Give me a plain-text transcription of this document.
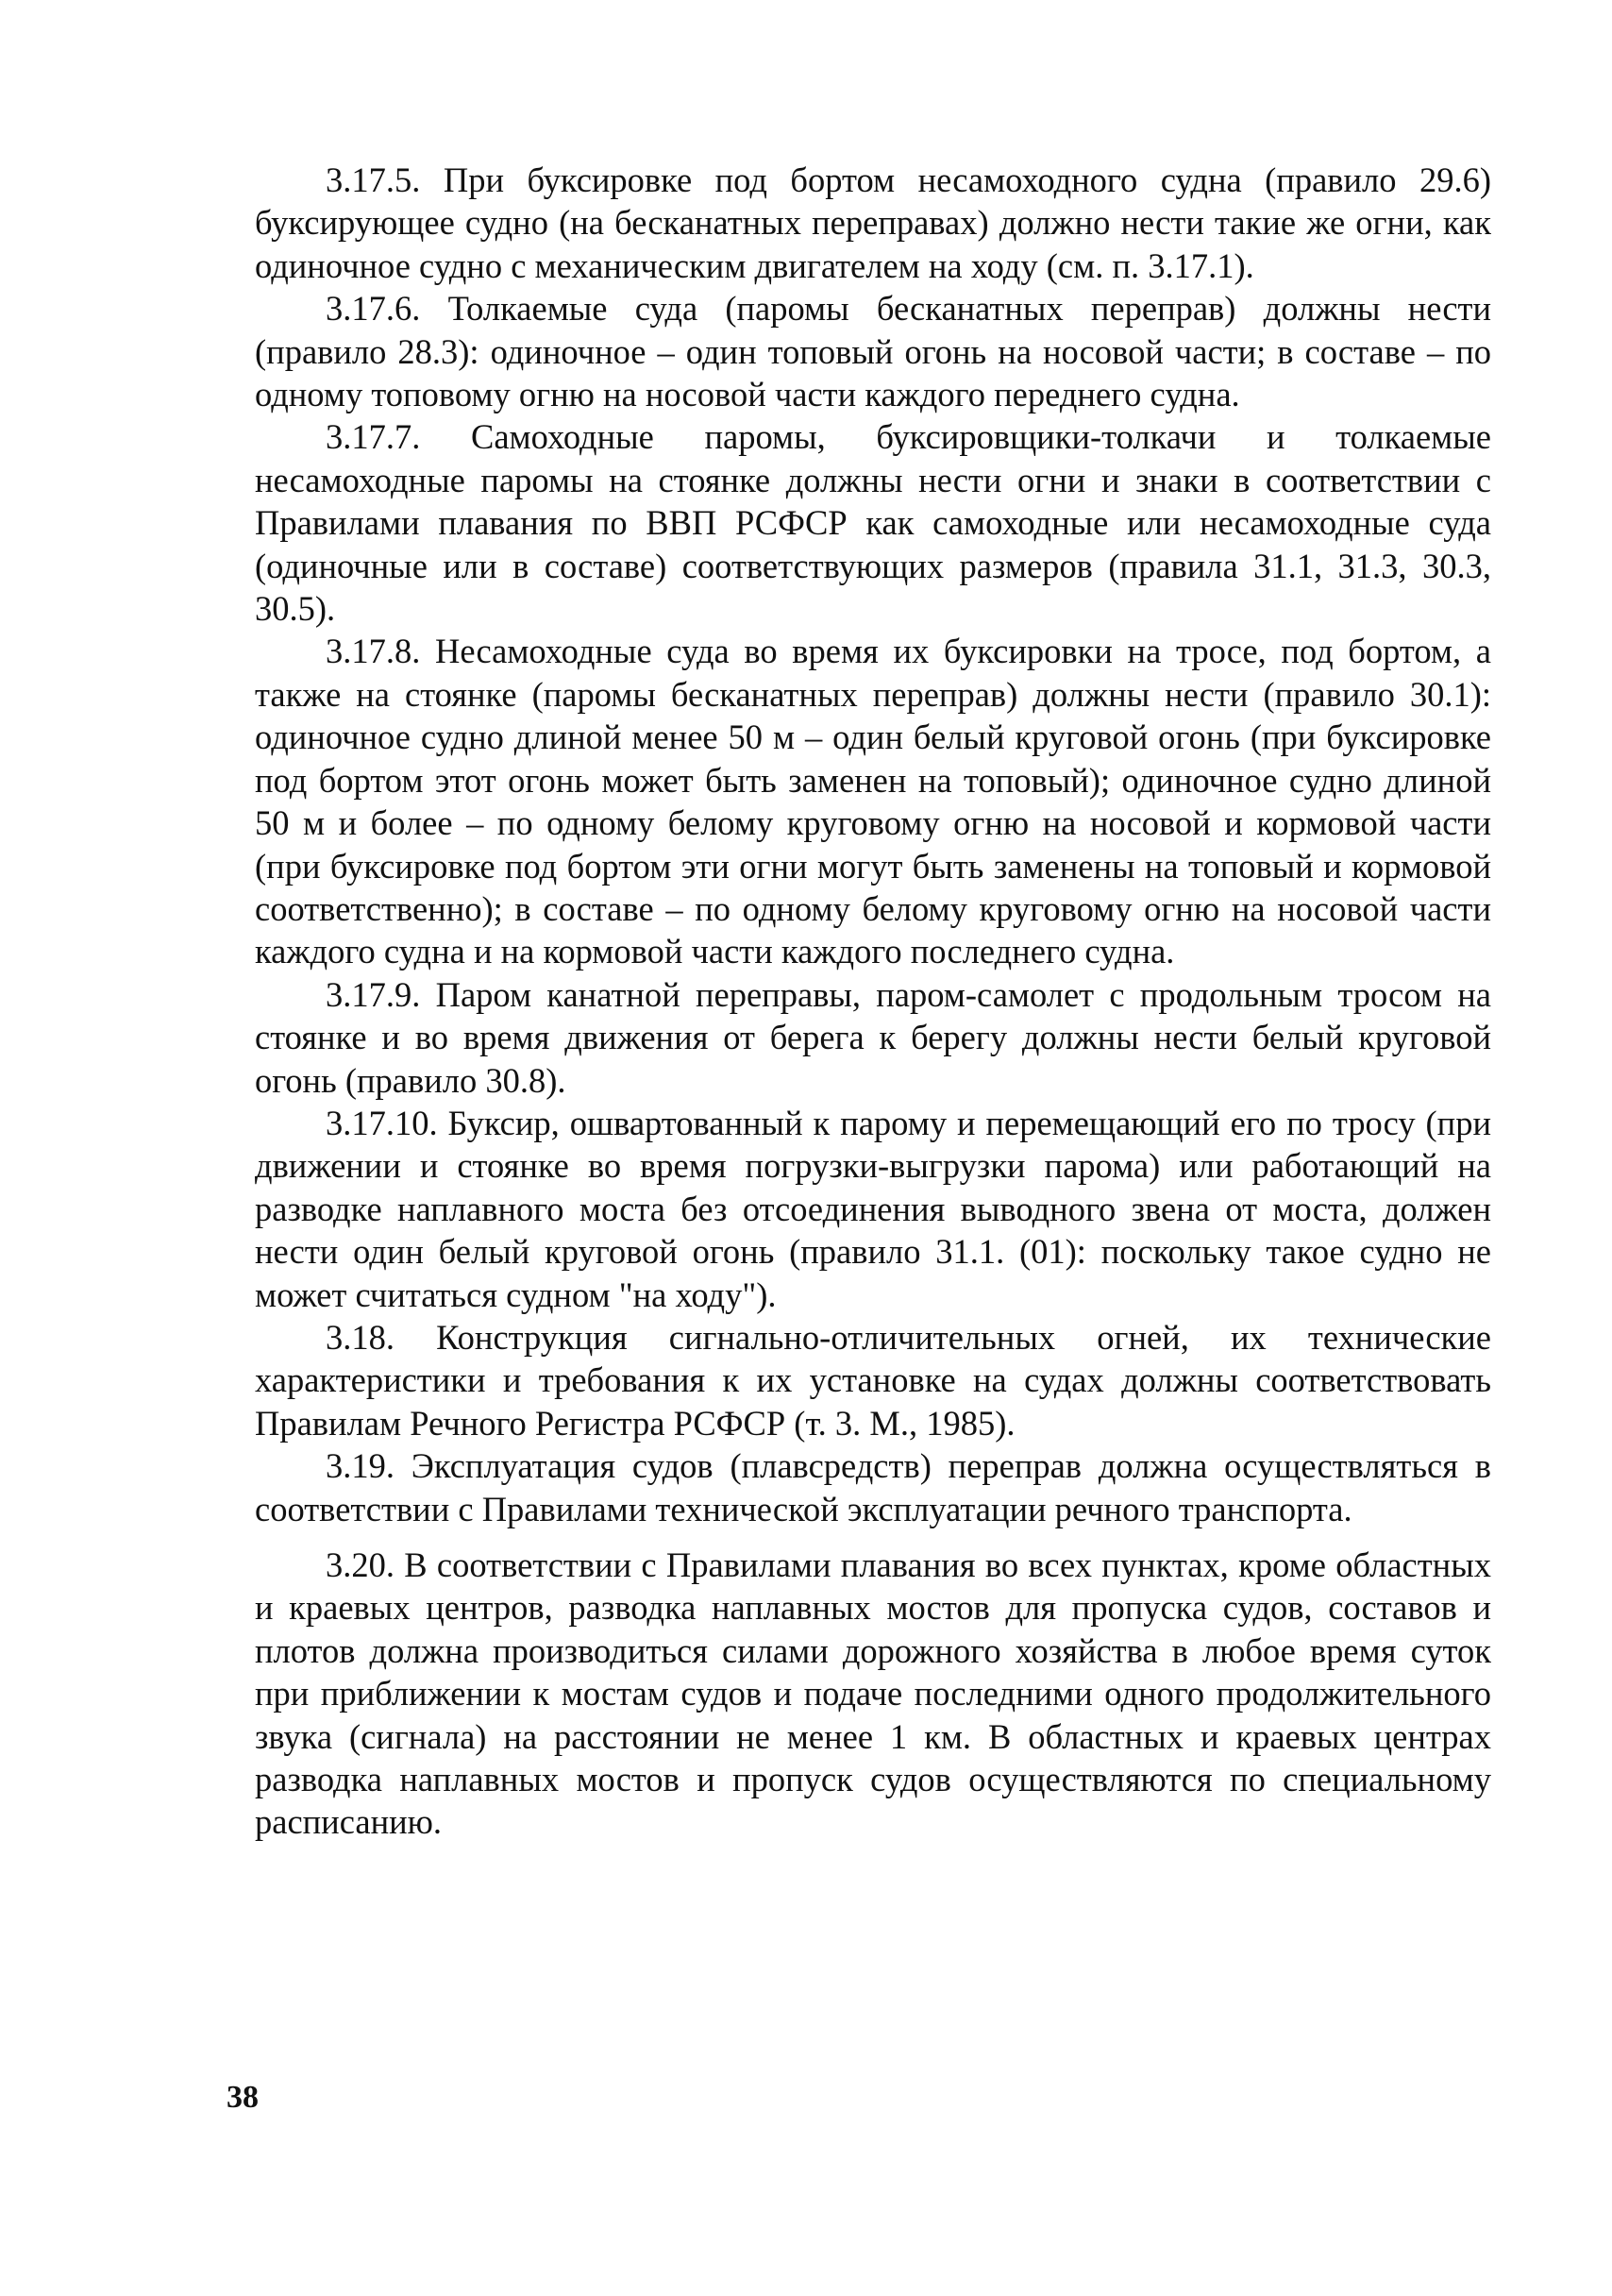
3.17.5. При буксировке под бортом несамоходного судна (правило 29.6) буксирующее судно (на бесканатных переправах) должно нести такие же огни, как одиночное судно с механическим двигателем на ходу (см. п. 3.17.1).

3.17.6. Толкаемые суда (паромы бесканатных переправ) должны нести (правило 28.3): одиночное – один топовый огонь на носовой части; в составе – по одному топовому огню на носовой части каждого переднего судна.

3.17.7. Самоходные паромы, буксировщики-толкачи и толкаемые несамоходные паромы на стоянке должны нести огни и знаки в соответствии с Правилами плавания по ВВП РСФСР как самоходные или несамоходные суда (одиночные или в составе) соответствующих размеров (правила 31.1, 31.3, 30.3, 30.5).

3.17.8. Несамоходные суда во время их буксировки на тросе, под бортом, а также на стоянке (паромы бесканатных переправ) должны нести (правило 30.1): одиночное судно длиной менее 50 м – один белый круговой огонь (при буксировке под бортом этот огонь может быть заменен на топовый); одиночное судно длиной 50 м и более – по одному белому круговому огню на носовой и кормовой части (при буксировке под бортом эти огни могут быть заменены на топовый и кормовой соответственно); в составе – по одному белому круговому огню на носовой части каждого судна и на кормовой части каждого последнего судна.

3.17.9. Паром канатной переправы, паром-самолет с продольным тросом на стоянке и во время движения от берега к берегу должны нести белый круговой огонь (правило 30.8).

3.17.10. Буксир, ошвартованный к парому и перемещающий его по тросу (при движении и стоянке во время погрузки-выгрузки парома) или работающий на разводке наплавного моста без отсоединения выводного звена от моста, должен нести один белый круговой огонь (правило 31.1. (01): поскольку такое судно не может считаться судном "на ходу").

3.18. Конструкция сигнально-отличительных огней, их технические характеристики и требования к их установке на судах должны соответствовать Правилам Речного Регистра РСФСР (т. 3. М., 1985).

3.19. Эксплуатация судов (плавсредств) переправ должна осуществляться в соответствии с Правилами технической эксплуатации речного транспорта.

3.20. В соответствии с Правилами плавания во всех пунктах, кроме областных и краевых центров, разводка наплавных мостов для пропуска судов, составов и плотов должна производиться силами дорожного хозяйства в любое время суток при приближении к мостам судов и подаче последними одного продолжительного звука (сигнала) на расстоянии не менее 1 км. В областных и краевых центрах разводка наплавных мостов и пропуск судов осуществляются по специальному расписанию.

38
